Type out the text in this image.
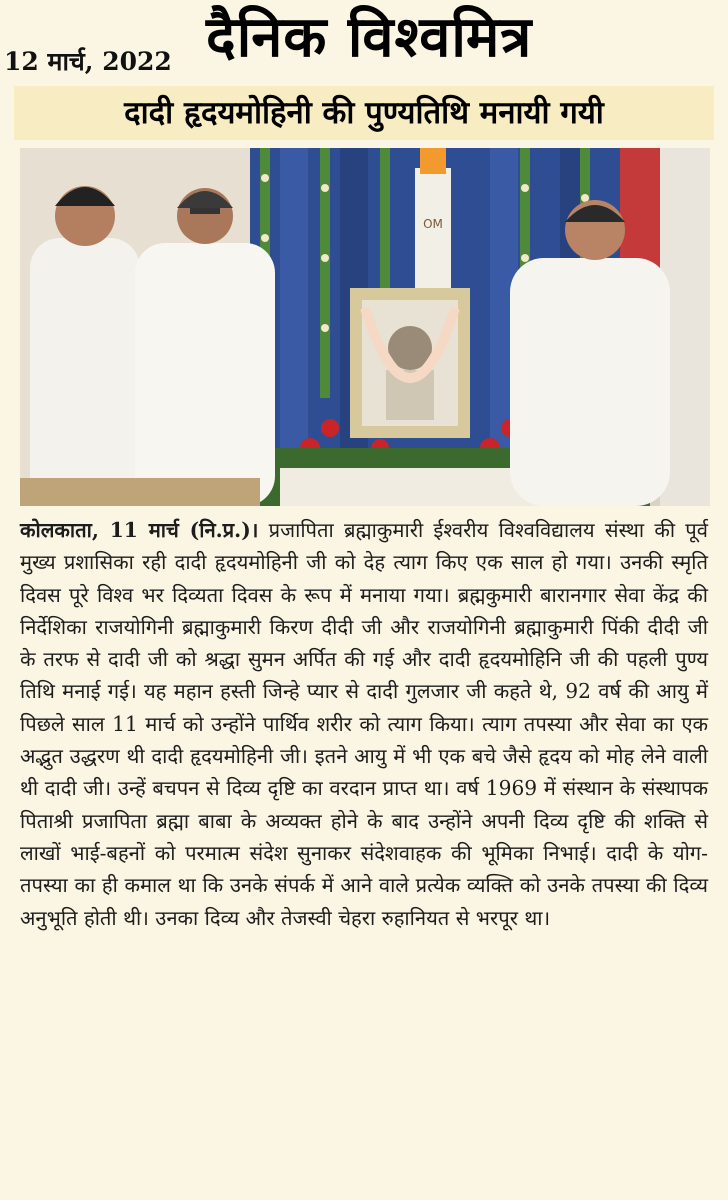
12 मार्च, 2022 दैनिक विश्वमित्र
दादी हृदयमोहिनी की पुण्यतिथि मनायी गयी
OM
कोलकाता, 11 मार्च (नि.प्र.)। प्रजापिता ब्रह्माकुमारी ईश्वरीय विश्वविद्यालय संस्था की पूर्व मुख्य प्रशासिका रही दादी हृदयमोहिनी जी को देह त्याग किए एक साल हो गया। उनकी स्मृति दिवस पूरे विश्व भर दिव्यता दिवस के रूप में मनाया गया। ब्रह्मकुमारी बारानगार सेवा केंद्र की निर्देशिका राजयोगिनी ब्रह्माकुमारी किरण दीदी जी और राजयोगिनी ब्रह्माकुमारी पिंकी दीदी जी के तरफ से दादी जी को श्रद्धा सुमन अर्पित की गई और दादी हृदयमोहिनि जी की पहली पुण्य तिथि मनाई गई। यह महान हस्ती जिन्हे प्यार से दादी गुलजार जी कहते थे, 92 वर्ष की आयु में पिछले साल 11 मार्च को उन्होंने पार्थिव शरीर को त्याग किया। त्याग तपस्या और सेवा का एक अद्भुत उद्धरण थी दादी हृदयमोहिनी जी। इतने आयु में भी एक बचे जैसे हृदय को मोह लेने वाली थी दादी जी। उन्हें बचपन से दिव्य दृष्टि का वरदान प्राप्त था। वर्ष 1969 में संस्थान के संस्थापक पिताश्री प्रजापिता ब्रह्मा बाबा के अव्यक्त होने के बाद उन्होंने अपनी दिव्य दृष्टि की शक्ति से लाखों भाई-बहनों को परमात्म संदेश सुनाकर संदेशवाहक की भूमिका निभाई। दादी के योग-तपस्या का ही कमाल था कि उनके संपर्क में आने वाले प्रत्येक व्यक्ति को उनके तपस्या की दिव्य अनुभूति होती थी। उनका दिव्य और तेजस्वी चेहरा रुहानियत से भरपूर था।
